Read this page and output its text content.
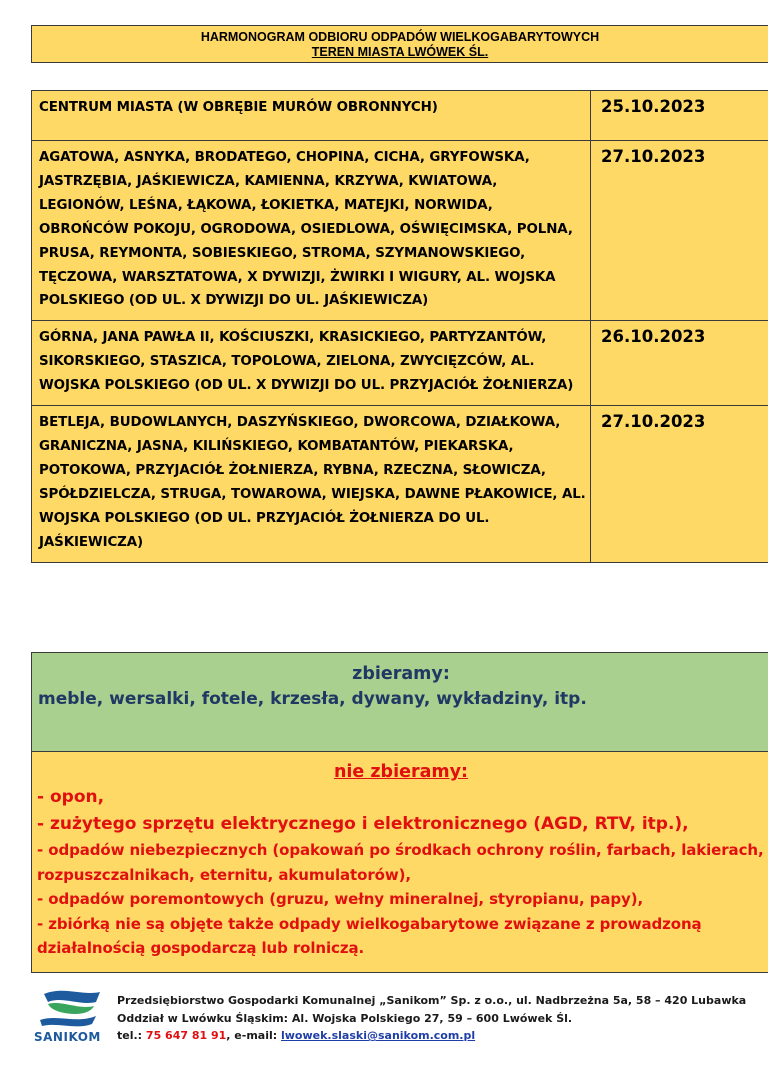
HARMONOGRAM ODBIORU ODPADÓW WIELKOGABARYTOWYCH
TEREN MIASTA LWÓWEK ŚL.
CENTRUM MIASTA (W OBRĘBIE MURÓW OBRONNYCH)	25.10.2023
AGATOWA, ASNYKA, BRODATEGO, CHOPINA, CICHA, GRYFOWSKA, JASTRZĘBIA, JAŚKIEWICZA, KAMIENNA, KRZYWA, KWIATOWA, LEGIONÓW, LEŚNA, ŁĄKOWA, ŁOKIETKA, MATEJKI, NORWIDA, OBROŃCÓW POKOJU, OGRODOWA, OSIEDLOWA, OŚWIĘCIMSKA, POLNA, PRUSA, REYMONTA, SOBIESKIEGO, STROMA, SZYMANOWSKIEGO, TĘCZOWA, WARSZTATOWA, X DYWIZJI, ŻWIRKI I WIGURY, AL. WOJSKA POLSKIEGO (OD UL. X DYWIZJI DO UL. JAŚKIEWICZA)	27.10.2023
GÓRNA, JANA PAWŁA II, KOŚCIUSZKI, KRASICKIEGO, PARTYZANTÓW, SIKORSKIEGO, STASZICA, TOPOLOWA, ZIELONA, ZWYCIĘZCÓW, AL. WOJSKA POLSKIEGO (OD UL. X DYWIZJI DO UL. PRZYJACIÓŁ ŻOŁNIERZA)	26.10.2023
BETLEJA, BUDOWLANYCH, DASZYŃSKIEGO, DWORCOWA, DZIAŁKOWA, GRANICZNA, JASNA, KILIŃSKIEGO, KOMBATANTÓW, PIEKARSKA, POTOKOWA, PRZYJACIÓŁ ŻOŁNIERZA, RYBNA, RZECZNA, SŁOWICZA, SPÓŁDZIELCZA, STRUGA, TOWAROWA, WIEJSKA, DAWNE PŁAKOWICE, AL. WOJSKA POLSKIEGO (OD UL. PRZYJACIÓŁ ŻOŁNIERZA DO UL. JAŚKIEWICZA)	27.10.2023
zbieramy:
meble, wersalki, fotele, krzesła, dywany, wykładziny, itp.
nie zbieramy:
- opon,
- zużytego sprzętu elektrycznego i elektronicznego (AGD, RTV, itp.),
- odpadów niebezpiecznych (opakowań po środkach ochrony roślin, farbach, lakierach, rozpuszczalnikach, eternitu, akumulatorów),
- odpadów poremontowych (gruzu, wełny mineralnej, styropianu, papy),
- zbiórką nie są objęte także odpady wielkogabarytowe związane z prowadzoną działalnością gospodarczą lub rolniczą.
SANIKOM
Przedsiębiorstwo Gospodarki Komunalnej „Sanikom” Sp. z o.o., ul. Nadbrzeżna 5a, 58 – 420 Lubawka
Oddział w Lwówku Śląskim: Al. Wojska Polskiego 27, 59 – 600 Lwówek Śl.
tel.: 75 647 81 91, e-mail: lwowek.slaski@sanikom.com.pl
